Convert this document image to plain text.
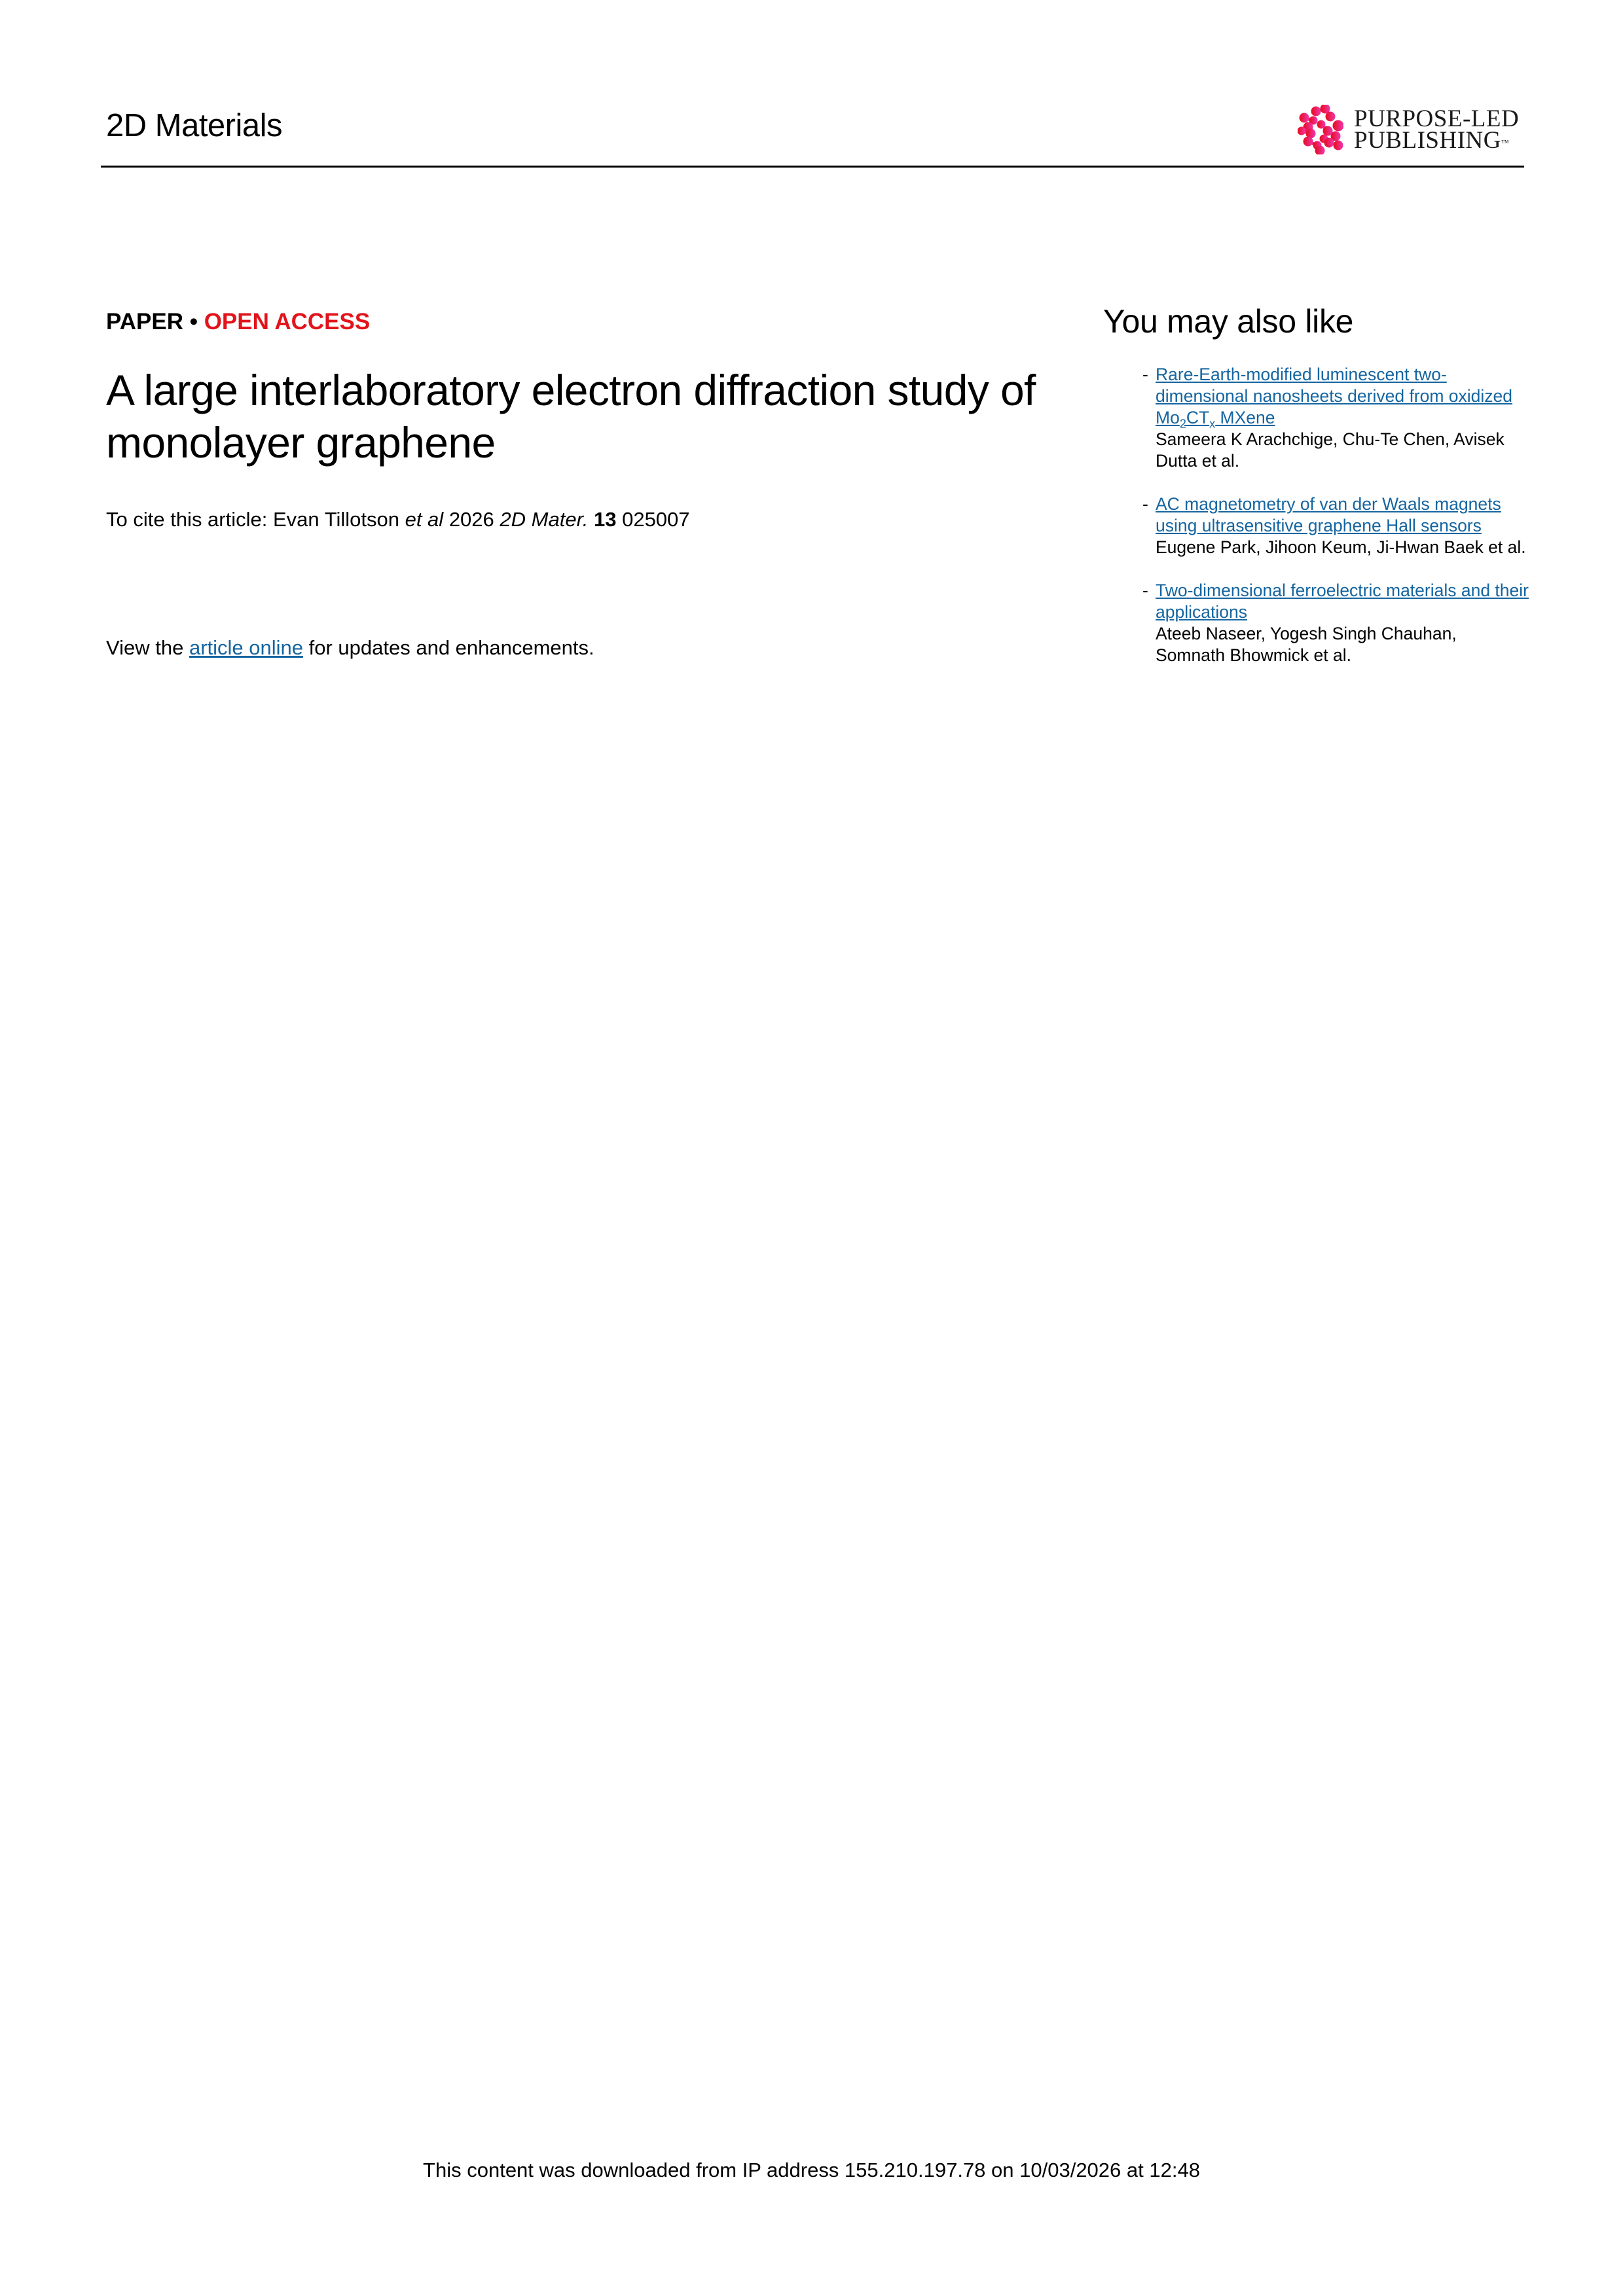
2D Materials	PURPOSE-LED
PUBLISHING™
PAPER • OPEN ACCESS
A large interlaboratory electron diffraction study of monolayer graphene
To cite this article: Evan Tillotson et al 2026 2D Mater. 13 025007
View the article online for updates and enhancements.
You may also like
- Rare-Earth-modified luminescent two-dimensional nanosheets derived from oxidized $Mo_2CT_x$ MXene
Sameera K Arachchige, Chu-Te Chen, Avisek Dutta et al.
- AC magnetometry of van der Waals magnets using ultrasensitive graphene Hall sensors
Eugene Park, Jihoon Keum, Ji-Hwan Baek et al.
- Two-dimensional ferroelectric materials and their applications
Ateeb Naseer, Yogesh Singh Chauhan, Somnath Bhowmick et al.
This content was downloaded from IP address 155.210.197.78 on 10/03/2026 at 12:48
